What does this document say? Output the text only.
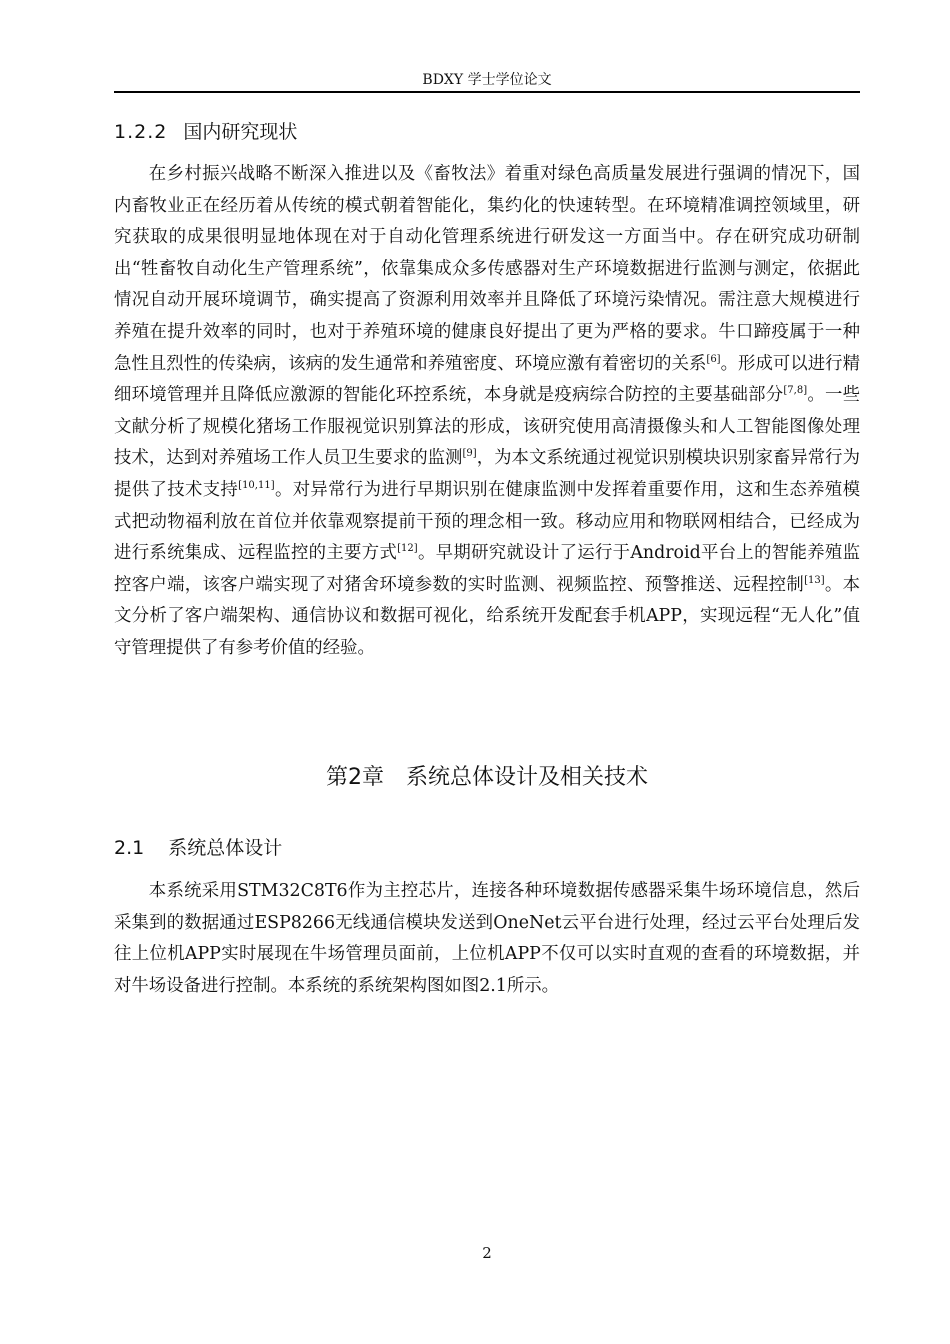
BDXY 学士学位论文
1.2.2 国内研究现状
在乡村振兴战略不断深入推进以及《畜牧法》着重对绿色高质量发展进行强调的情况下，国内畜牧业正在经历着从传统的模式朝着智能化，集约化的快速转型。在环境精准调控领域里，研究获取的成果很明显地体现在对于自动化管理系统进行研发这一方面当中。存在研究成功研制出“牲畜牧自动化生产管理系统”，依靠集成众多传感器对生产环境数据进行监测与测定，依据此情况自动开展环境调节，确实提高了资源利用效率并且降低了环境污染情况。需注意大规模进行养殖在提升效率的同时，也对于养殖环境的健康良好提出了更为严格的要求。牛口蹄疫属于一种急性且烈性的传染病，该病的发生通常和养殖密度、环境应激有着密切的关系[6]。形成可以进行精细环境管理并且降低应激源的智能化环控系统，本身就是疫病综合防控的主要基础部分[7,8]。一些文献分析了规模化猪场工作服视觉识别算法的形成，该研究使用高清摄像头和人工智能图像处理技术，达到对养殖场工作人员卫生要求的监测[9]，为本文系统通过视觉识别模块识别家畜异常行为提供了技术支持[10,11]。对异常行为进行早期识别在健康监测中发挥着重要作用，这和生态养殖模式把动物福利放在首位并依靠观察提前干预的理念相一致。移动应用和物联网相结合，已经成为进行系统集成、远程监控的主要方式[12]。早期研究就设计了运行于Android平台上的智能养殖监控客户端，该客户端实现了对猪舍环境参数的实时监测、视频监控、预警推送、远程控制[13]。本文分析了客户端架构、通信协议和数据可视化，给系统开发配套手机APP，实现远程“无人化”值守管理提供了有参考价值的经验。
第2章 系统总体设计及相关技术
2.1 系统总体设计
本系统采用STM32C8T6作为主控芯片，连接各种环境数据传感器采集牛场环境信息，然后采集到的数据通过ESP8266无线通信模块发送到OneNet云平台进行处理，经过云平台处理后发往上位机APP实时展现在牛场管理员面前，上位机APP不仅可以实时直观的查看的环境数据，并对牛场设备进行控制。本系统的系统架构图如图2.1所示。
2
